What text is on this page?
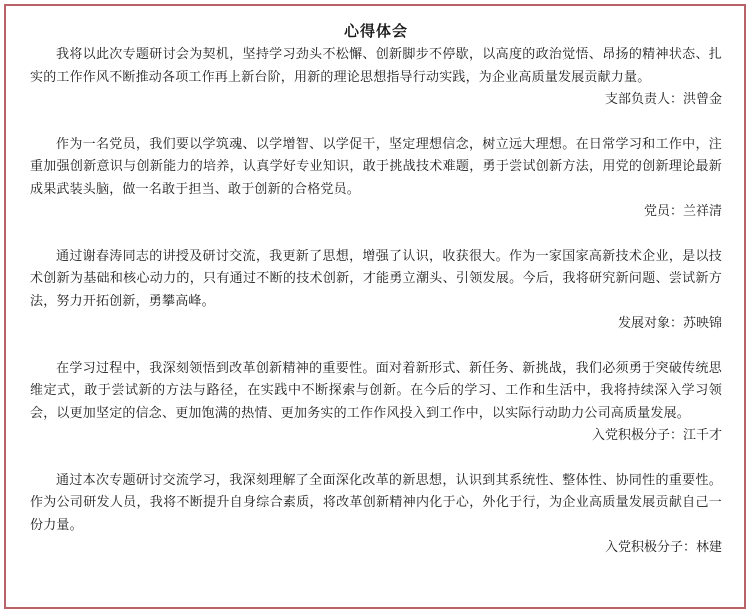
心得体会

我将以此次专题研讨会为契机，坚持学习劲头不松懈、创新脚步不停歇，以高度的政治觉悟、昂扬的精神状态、扎实的工作作风不断推动各项工作再上新台阶，用新的理论思想指导行动实践，为企业高质量发展贡献力量。

支部负责人：洪曾金

作为一名党员，我们要以学筑魂、以学增智、以学促干，坚定理想信念，树立远大理想。在日常学习和工作中，注重加强创新意识与创新能力的培养，认真学好专业知识，敢于挑战技术难题，勇于尝试创新方法，用党的创新理论最新成果武装头脑，做一名敢于担当、敢于创新的合格党员。

党员：兰祥清

通过谢春涛同志的讲授及研讨交流，我更新了思想，增强了认识，收获很大。作为一家国家高新技术企业，是以技术创新为基础和核心动力的，只有通过不断的技术创新，才能勇立潮头、引领发展。今后，我将研究新问题、尝试新方法，努力开拓创新，勇攀高峰。

发展对象：苏映锦

在学习过程中，我深刻领悟到改革创新精神的重要性。面对着新形式、新任务、新挑战，我们必须勇于突破传统思维定式，敢于尝试新的方法与路径，在实践中不断探索与创新。在今后的学习、工作和生活中，我将持续深入学习领会，以更加坚定的信念、更加饱满的热情、更加务实的工作作风投入到工作中，以实际行动助力公司高质量发展。

入党积极分子：江千才

通过本次专题研讨交流学习，我深刻理解了全面深化改革的新思想，认识到其系统性、整体性、协同性的重要性。作为公司研发人员，我将不断提升自身综合素质，将改革创新精神内化于心，外化于行，为企业高质量发展贡献自己一份力量。

入党积极分子：林建
